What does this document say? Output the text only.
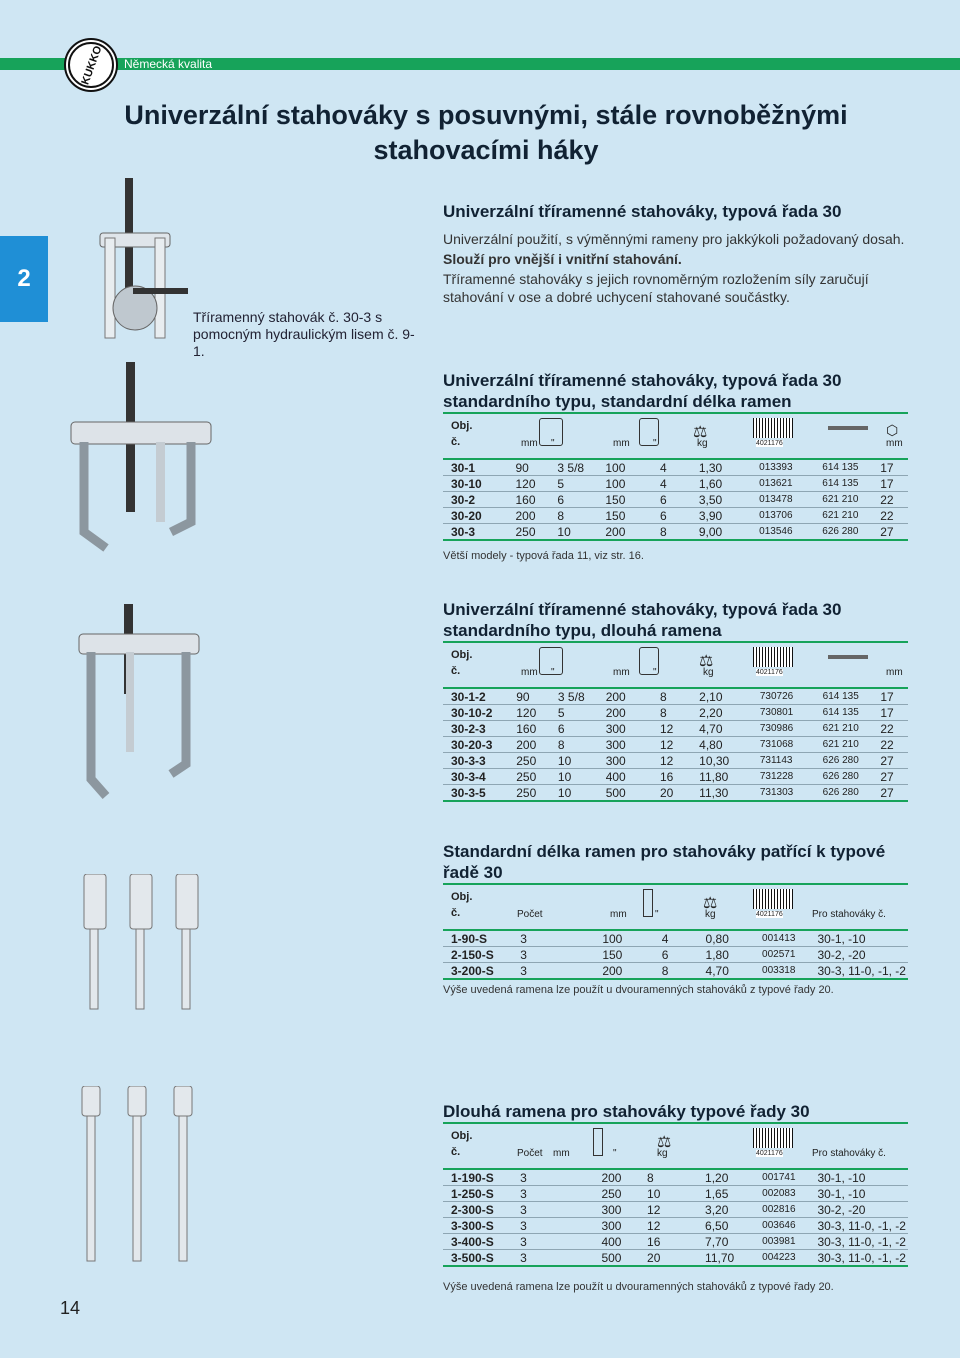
KUKKO Německá kvalita
Univerzální stahováky s posuvnými, stále rovnoběžnými stahovacími háky
2
Tříramenný stahovák č. 30-3 s pomocným hydraulickým lisem č. 9-1.
Univerzální tříramenné stahováky, typová řada 30

Univerzální použití, s výměnnými rameny pro jakkýkoli požadovaný dosah.

Slouží pro vnější i vnitřní stahování.

Tříramenné stahováky s jejich rovnoměrným rozložením síly zaručují stahování v ose a dobré uchycení stahované součástky.

Univerzální tříramenné stahováky, typová řada 30 standardního typu, standardní délka ramen
Obj.
č.	mm "	mm "
⚖
kg	4021176
⬡
mm
30-1	90	3 5/8	100	4	1,30	013393	614 135	17
30-10	120	5	100	4	1,60	013621	614 135	17
30-2	160	6	150	6	3,50	013478	621 210	22
30-20	200	8	150	6	3,90	013706	621 210	22
30-3	250	10	200	8	9,00	013546	626 280	27
Větší modely - typová řada 11, viz str. 16.
Univerzální tříramenné stahováky, typová řada 30 standardního typu, dlouhá ramena
Obj.
č.	mm "	mm "
⚖
kg	4021176	mm
30-1-2	90	3 5/8	200	8	2,10	730726	614 135	17
30-10-2	120	5	200	8	2,20	730801	614 135	17
30-2-3	160	6	300	12	4,70	730986	621 210	22
30-20-3	200	8	300	12	4,80	731068	621 210	22
30-3-3	250	10	300	12	10,30	731143	626 280	27
30-3-4	250	10	400	16	11,80	731228	626 280	27
30-3-5	250	10	500	20	11,30	731303	626 280	27
Standardní délka ramen pro stahováky patřící k typové řadě 30
Obj.
č.	Počet	mm	"
⚖
kg	4021176	Pro stahováky č.
1-90-S	3	100	4	0,80	001413	30-1, -10
2-150-S	3	150	6	1,80	002571	30-2, -20
3-200-S	3	200	8	4,70	003318	30-3, 11-0, -1, -2
Výše uvedená ramena lze použít u dvouramenných stahováků z typové řady 20.
Dlouhá ramena pro stahováky typové řady 30
Obj.
č.	Počet mm	"
⚖
kg	4021176	Pro stahováky č.
1-190-S	3	200	8	1,20	001741	30-1, -10
1-250-S	3	250	10	1,65	002083	30-1, -10
2-300-S	3	300	12	3,20	002816	30-2, -20
3-300-S	3	300	12	6,50	003646	30-3, 11-0, -1, -2
3-400-S	3	400	16	7,70	003981	30-3, 11-0, -1, -2
3-500-S	3	500	20	11,70	004223	30-3, 11-0, -1, -2
Výše uvedená ramena lze použít u dvouramenných stahováků z typové řady 20.
14
